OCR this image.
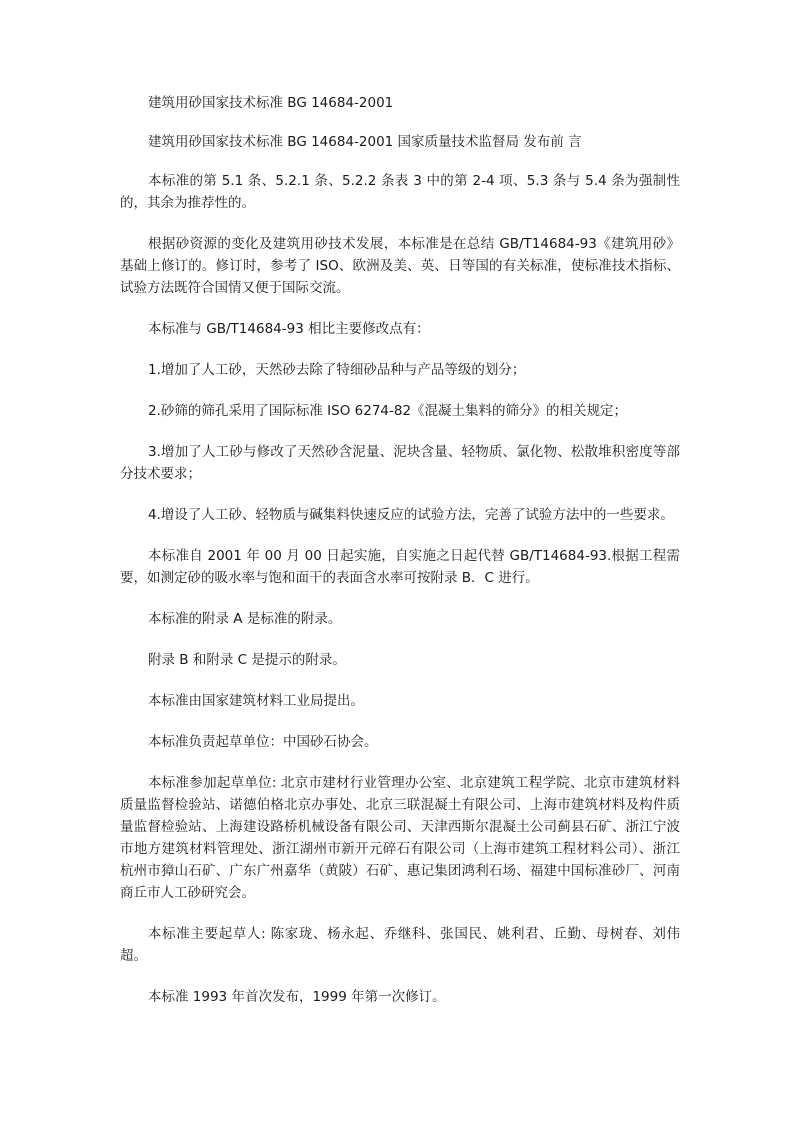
建筑用砂国家技术标准 BG 14684-2001

建筑用砂国家技术标准 BG 14684-2001 国家质量技术监督局 发布前 言

本标准的第 5.1 条、5.2.1 条、5.2.2 条表 3 中的第 2-4 项、5.3 条与 5.4 条为强制性的，其余为推荐性的。

根据砂资源的变化及建筑用砂技术发展，本标准是在总结 GB/T14684-93《建筑用砂》基础上修订的。修订时，参考了 ISO、欧洲及美、英、日等国的有关标准，使标准技术指标、试验方法既符合国情又便于国际交流。

本标准与 GB/T14684-93 相比主要修改点有：

1.增加了人工砂，天然砂去除了特细砂品种与产品等级的划分；

2.砂筛的筛孔采用了国际标准 ISO 6274-82《混凝土集料的筛分》的相关规定；

3.增加了人工砂与修改了天然砂含泥量、泥块含量、轻物质、氯化物、松散堆积密度等部分技术要求；

4.增设了人工砂、轻物质与碱集料快速反应的试验方法，完善了试验方法中的一些要求。

本标准自 2001 年 00 月 00 日起实施，自实施之日起代替 GB/T14684-93.根据工程需要，如测定砂的吸水率与饱和面干的表面含水率可按附录 B．C 进行。

本标准的附录 A 是标准的附录。

附录 B 和附录 C 是提示的附录。

本标准由国家建筑材料工业局提出。

本标准负责起草单位：中国砂石协会。

本标准参加起草单位: 北京市建材行业管理办公室、北京建筑工程学院、北京市建筑材料质量监督检验站、诺德伯格北京办事处、北京三联混凝土有限公司、上海市建筑材料及构件质量监督检验站、上海建设路桥机械设备有限公司、天津西斯尔混凝土公司蓟县石矿、浙江宁波市地方建筑材料管理处、浙江湖州市新开元碎石有限公司（上海市建筑工程材料公司）、浙江杭州市獐山石矿、广东广州嘉华（黄陂）石矿、惠记集团鸿利石场、福建中国标准砂厂、河南商丘市人工砂研究会。

本标准主要起草人: 陈家珑、杨永起、乔继科、张国民、姚利君、丘勤、母树春、刘伟超。

本标准 1993 年首次发布，1999 年第一次修订。
